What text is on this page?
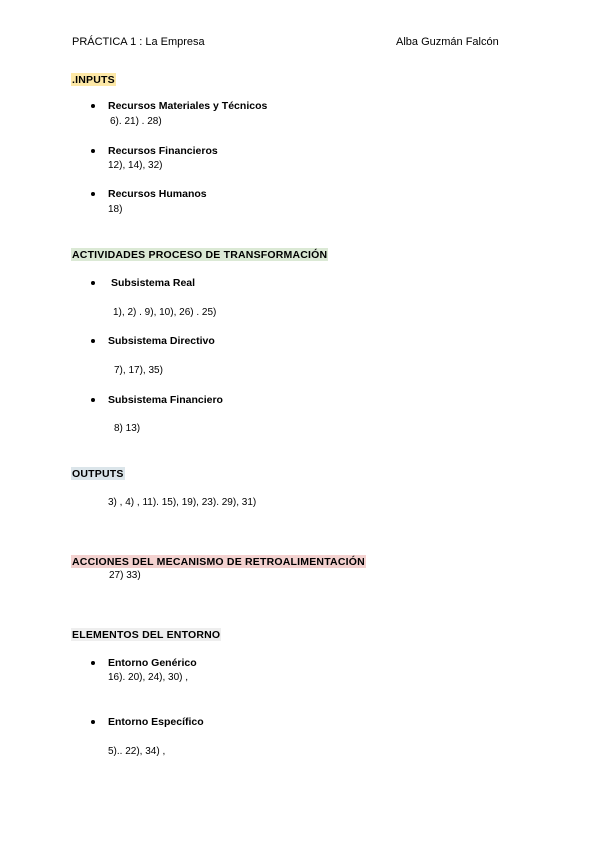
PRÁCTICA 1 : La Empresa	Alba Guzmán Falcón
.INPUTS
Recursos Materiales y Técnicos
6). 21) . 28)
Recursos Financieros
12), 14), 32)
Recursos Humanos
18)
ACTIVIDADES PROCESO DE TRANSFORMACIÓN
Subsistema Real
1), 2) . 9), 10), 26) . 25)
Subsistema Directivo
7), 17), 35)
Subsistema Financiero
8) 13)
OUTPUTS
3) , 4) , 11). 15), 19), 23). 29), 31)
ACCIONES DEL MECANISMO DE RETROALIMENTACIÓN
27) 33)
ELEMENTOS DEL ENTORNO
Entorno Genérico
16). 20), 24), 30) ,
Entorno Específico
5).. 22), 34) ,
